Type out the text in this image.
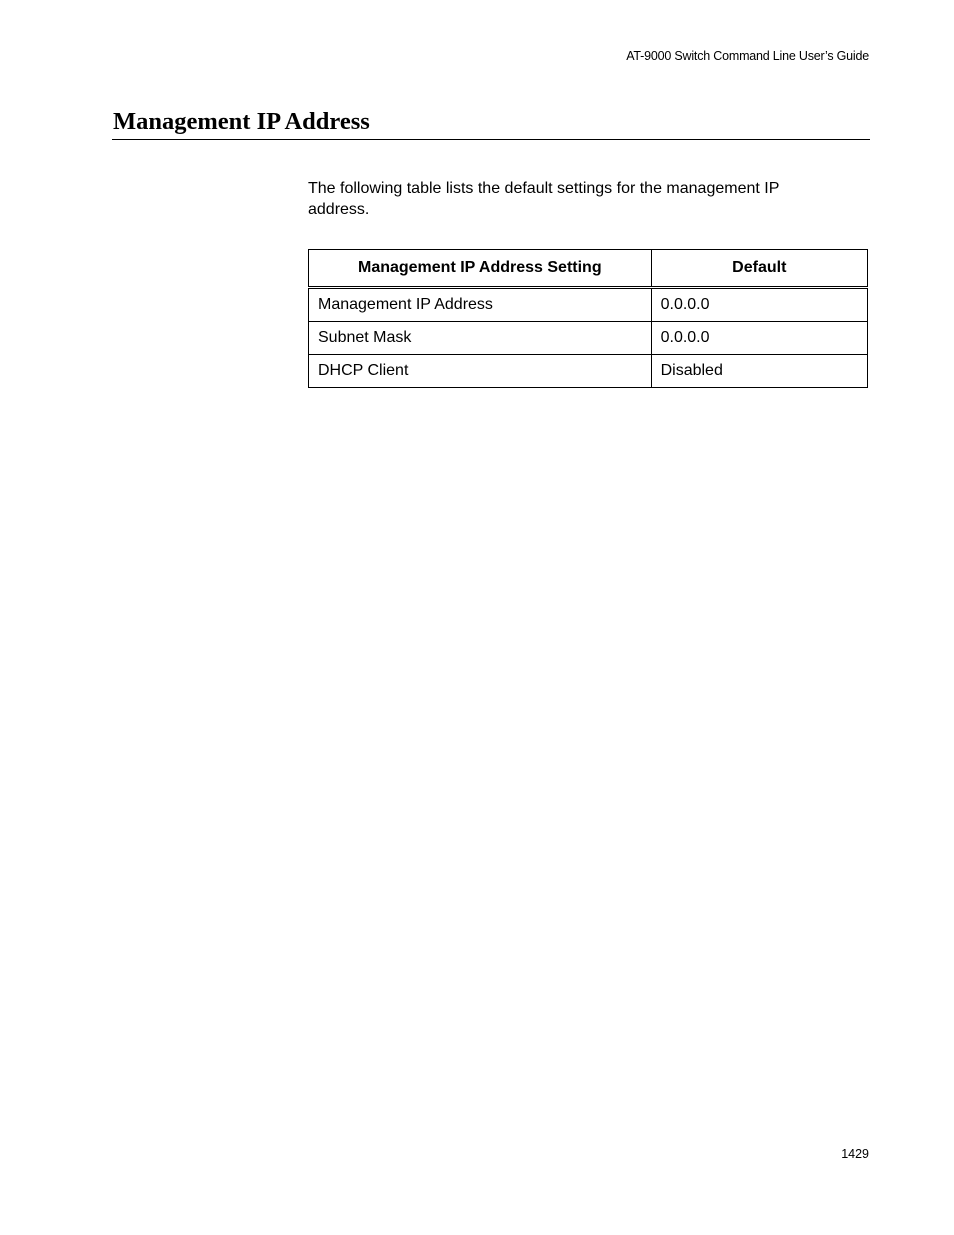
AT-9000 Switch Command Line User’s Guide
Management IP Address

The following table lists the default settings for the management IP address.

Management IP Address Setting	Default
Management IP Address	0.0.0.0
Subnet Mask	0.0.0.0
DHCP Client	Disabled
1429
